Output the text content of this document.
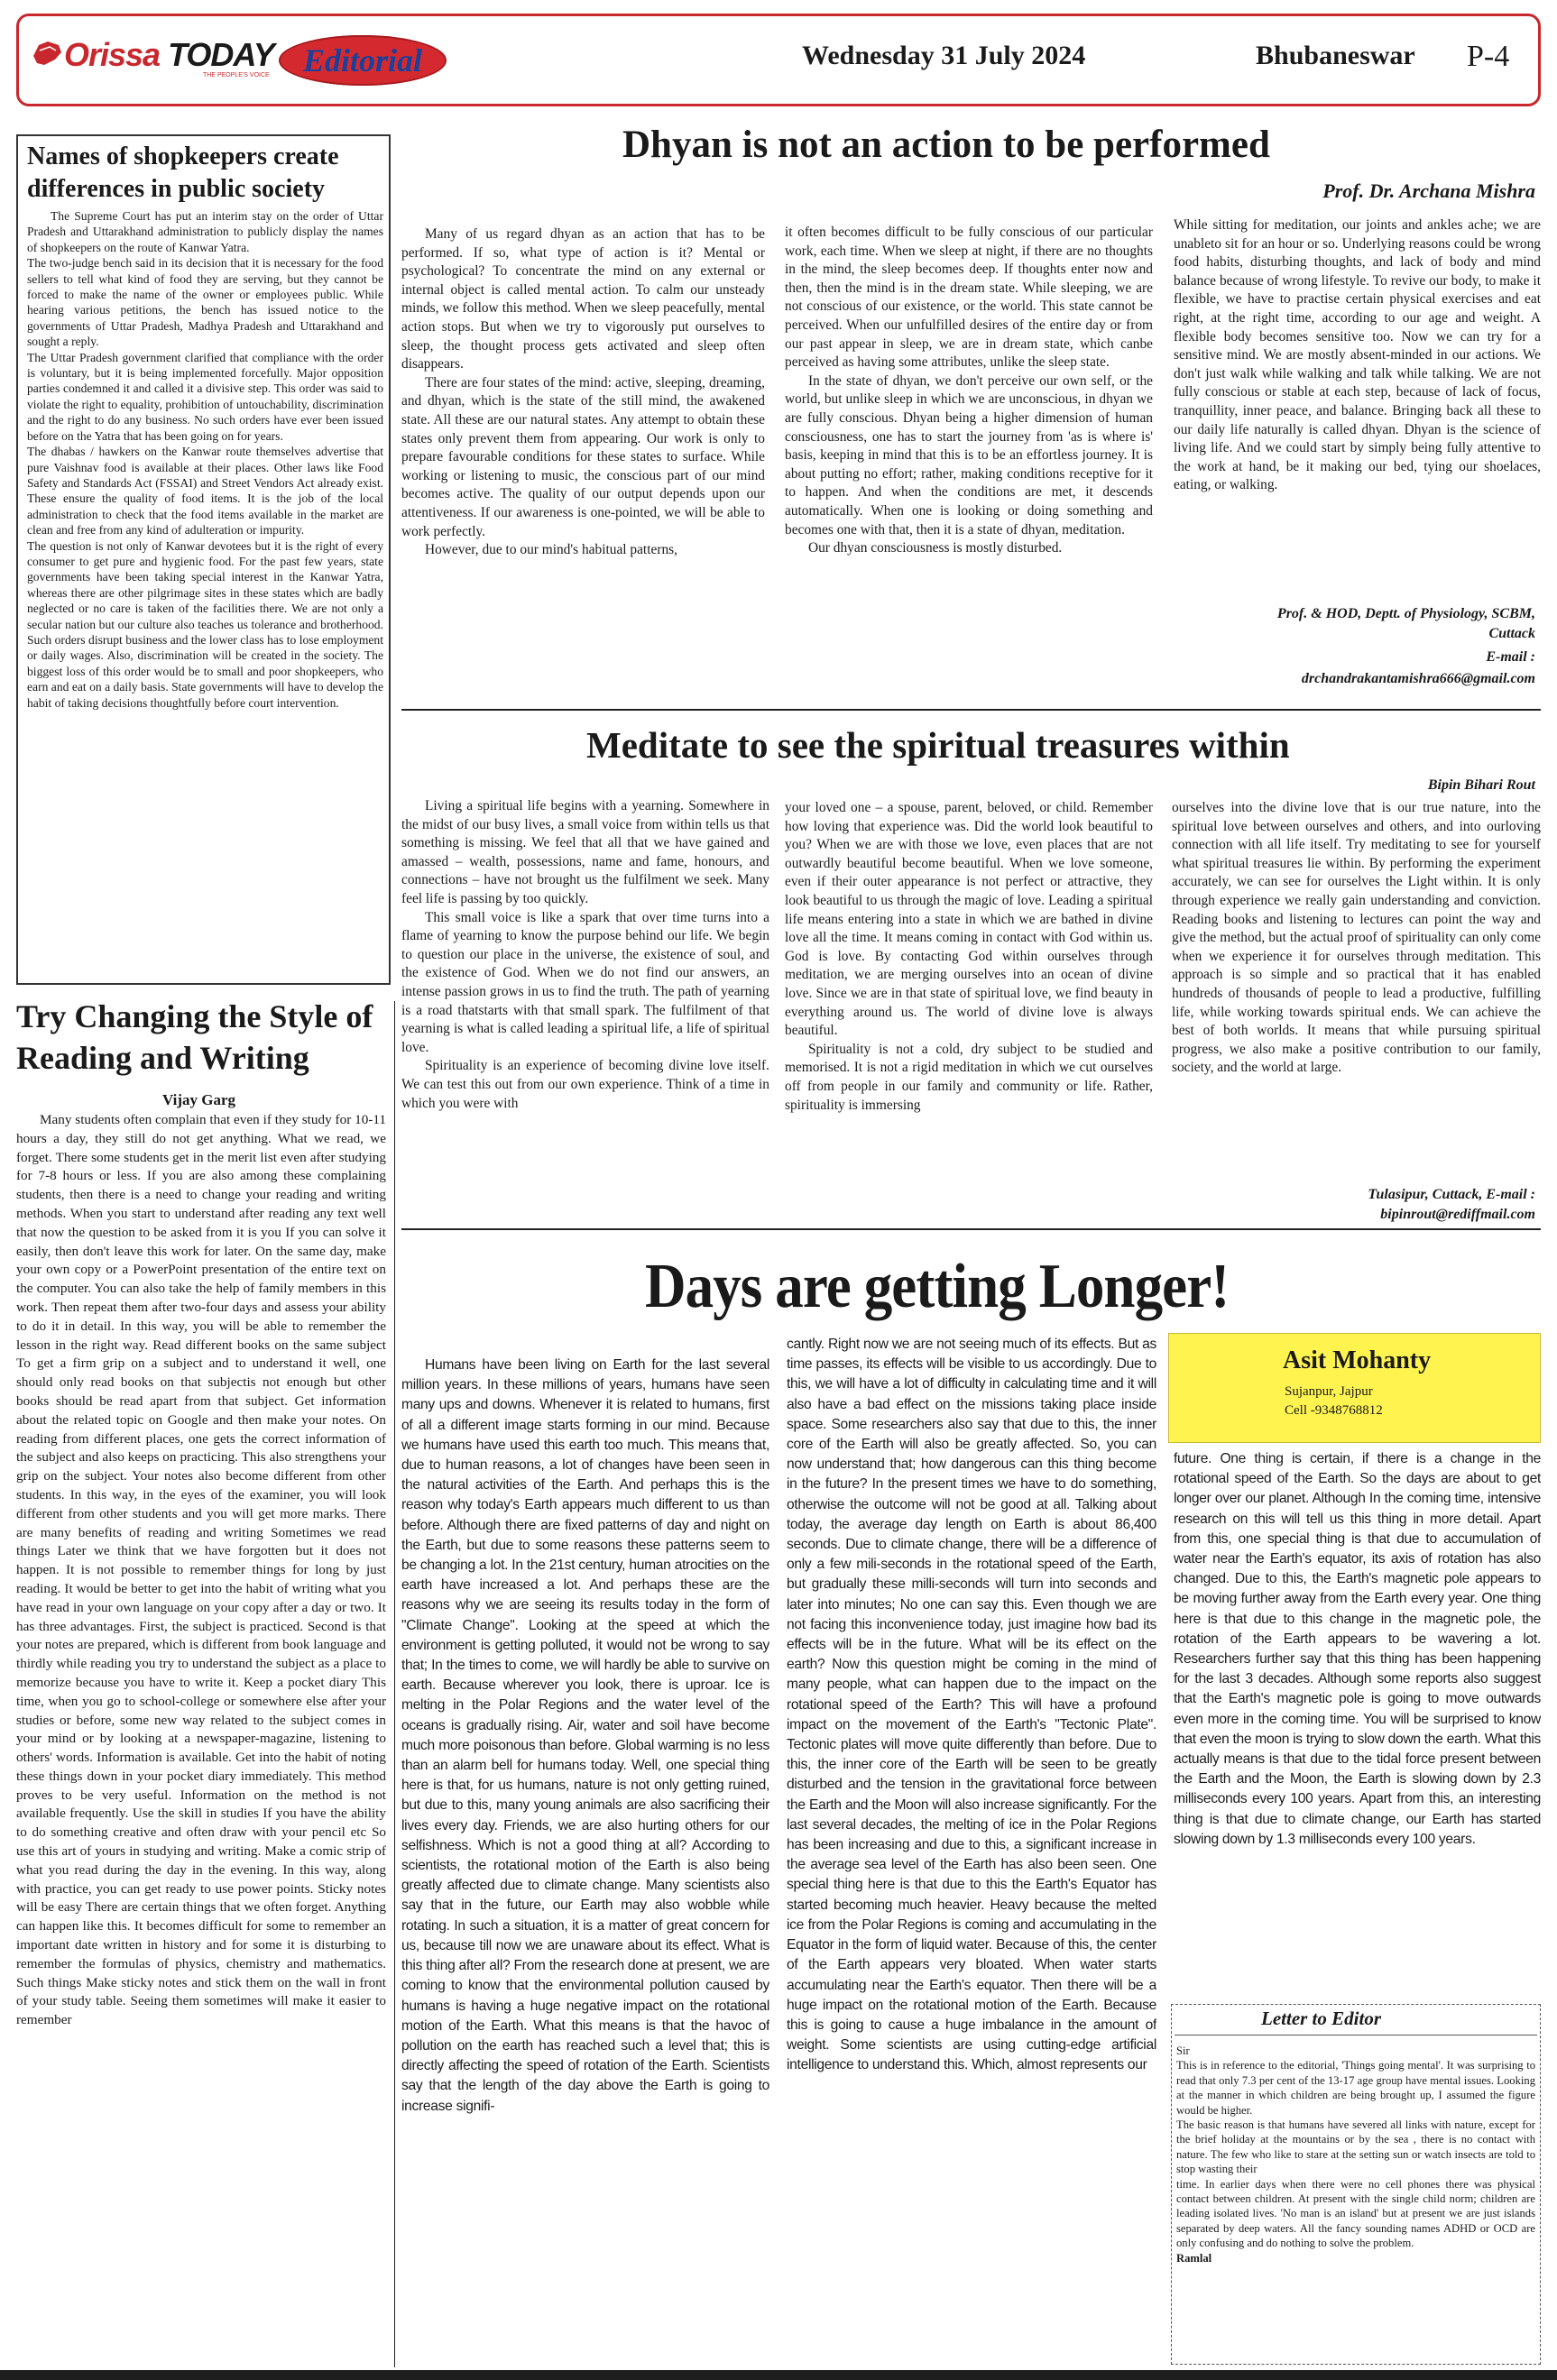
Orissa TODAY
THE PEOPLE'S VOICE	Editorial	Wednesday 31 July 2024	Bhubaneswar P-4
Names of shopkeepers create differences in public society

The Supreme Court has put an interim stay on the order of Uttar Pradesh and Uttarakhand administration to publicly display the names of shopkeepers on the route of Kanwar Yatra.

The two-judge bench said in its decision that it is necessary for the food sellers to tell what kind of food they are serving, but they cannot be forced to make the name of the owner or employees public. While hearing various petitions, the bench has issued notice to the governments of Uttar Pradesh, Madhya Pradesh and Uttarakhand and sought a reply.

The Uttar Pradesh government clarified that compliance with the order is voluntary, but it is being implemented forcefully. Major opposition parties condemned it and called it a divisive step. This order was said to violate the right to equality, prohibition of untouchability, discrimination and the right to do any business. No such orders have ever been issued before on the Yatra that has been going on for years.

The dhabas / hawkers on the Kanwar route themselves advertise that pure Vaishnav food is available at their places. Other laws like Food Safety and Standards Act (FSSAI) and Street Vendors Act already exist. These ensure the quality of food items. It is the job of the local administration to check that the food items available in the market are clean and free from any kind of adulteration or impurity.

The question is not only of Kanwar devotees but it is the right of every consumer to get pure and hygienic food. For the past few years, state governments have been taking special interest in the Kanwar Yatra, whereas there are other pilgrimage sites in these states which are badly neglected or no care is taken of the facilities there. We are not only a secular nation but our culture also teaches us tolerance and brotherhood. Such orders disrupt business and the lower class has to lose employment or daily wages. Also, discrimination will be created in the society. The biggest loss of this order would be to small and poor shopkeepers, who earn and eat on a daily basis. State governments will have to develop the habit of taking decisions thoughtfully before court intervention.

Dhyan is not an action to be performed
Prof. Dr. Archana Mishra

Many of us regard dhyan as an action that has to be performed. If so, what type of action is it? Mental or psychological? To concentrate the mind on any external or internal object is called mental action. To calm our unsteady minds, we follow this method. When we sleep peacefully, mental action stops. But when we try to vigorously put ourselves to sleep, the thought process gets activated and sleep often disappears.

There are four states of the mind: active, sleeping, dreaming, and dhyan, which is the state of the still mind, the awakened state. All these are our natural states. Any attempt to obtain these states only prevent them from appearing. Our work is only to prepare favourable conditions for these states to surface. While working or listening to music, the conscious part of our mind becomes active. The quality of our output depends upon our attentiveness. If our awareness is one-pointed, we will be able to work perfectly.

However, due to our mind's habitual patterns,

it often becomes difficult to be fully conscious of our particular work, each time. When we sleep at night, if there are no thoughts in the mind, the sleep becomes deep. If thoughts enter now and then, then the mind is in the dream state. While sleeping, we are not conscious of our existence, or the world. This state cannot be perceived. When our unfulfilled desires of the entire day or from our past appear in sleep, we are in dream state, which canbe perceived as having some attributes, unlike the sleep state.

In the state of dhyan, we don't perceive our own self, or the world, but unlike sleep in which we are unconscious, in dhyan we are fully conscious. Dhyan being a higher dimension of human consciousness, one has to start the journey from 'as is where is' basis, keeping in mind that this is to be an effortless journey. It is about putting no effort; rather, making conditions receptive for it to happen. And when the conditions are met, it descends automatically. When one is looking or doing something and becomes one with that, then it is a state of dhyan, meditation.

Our dhyan consciousness is mostly disturbed.

While sitting for meditation, our joints and ankles ache; we are unableto sit for an hour or so. Underlying reasons could be wrong food habits, disturbing thoughts, and lack of body and mind balance because of wrong lifestyle. To revive our body, to make it flexible, we have to practise certain physical exercises and eat right, at the right time, according to our age and weight. A flexible body becomes sensitive too. Now we can try for a sensitive mind. We are mostly absent-minded in our actions. We don't just walk while walking and talk while talking. We are not fully conscious or stable at each step, because of lack of focus, tranquillity, inner peace, and balance. Bringing back all these to our daily life naturally is called dhyan. Dhyan is the science of living life. And we could start by simply being fully attentive to the work at hand, be it making our bed, tying our shoelaces, eating, or walking.

Prof. & HOD, Deptt. of Physiology, SCBM,
Cuttack
E-mail :
drchandrakantamishra666@gmail.com
Meditate to see the spiritual treasures within
Bipin Bihari Rout

Living a spiritual life begins with a yearning. Somewhere in the midst of our busy lives, a small voice from within tells us that something is missing. We feel that all that we have gained and amassed – wealth, possessions, name and fame, honours, and connections – have not brought us the fulfilment we seek. Many feel life is passing by too quickly.

This small voice is like a spark that over time turns into a flame of yearning to know the purpose behind our life. We begin to question our place in the universe, the existence of soul, and the existence of God. When we do not find our answers, an intense passion grows in us to find the truth. The path of yearning is a road thatstarts with that small spark. The fulfilment of that yearning is what is called leading a spiritual life, a life of spiritual love.

Spirituality is an experience of becoming divine love itself. We can test this out from our own experience. Think of a time in which you were with

your loved one – a spouse, parent, beloved, or child. Remember how loving that experience was. Did the world look beautiful to you? When we are with those we love, even places that are not outwardly beautiful become beautiful. When we love someone, even if their outer appearance is not perfect or attractive, they look beautiful to us through the magic of love. Leading a spiritual life means entering into a state in which we are bathed in divine love all the time. It means coming in contact with God within us. God is love. By contacting God within ourselves through meditation, we are merging ourselves into an ocean of divine love. Since we are in that state of spiritual love, we find beauty in everything around us. The world of divine love is always beautiful.

Spirituality is not a cold, dry subject to be studied and memorised. It is not a rigid meditation in which we cut ourselves off from people in our family and community or life. Rather, spirituality is immersing

ourselves into the divine love that is our true nature, into the spiritual love between ourselves and others, and into ourloving connection with all life itself. Try meditating to see for yourself what spiritual treasures lie within. By performing the experiment accurately, we can see for ourselves the Light within. It is only through experience we really gain understanding and conviction. Reading books and listening to lectures can point the way and give the method, but the actual proof of spirituality can only come when we experience it for ourselves through meditation. This approach is so simple and so practical that it has enabled hundreds of thousands of people to lead a productive, fulfilling life, while working towards spiritual ends. We can achieve the best of both worlds. It means that while pursuing spiritual progress, we also make a positive contribution to our family, society, and the world at large.

Tulasipur, Cuttack, E-mail :
bipinrout@rediffmail.com
Try Changing the Style of Reading and Writing
Vijay Garg

Many students often complain that even if they study for 10-11 hours a day, they still do not get anything. What we read, we forget. There some students get in the merit list even after studying for 7-8 hours or less. If you are also among these complaining students, then there is a need to change your reading and writing methods. When you start to understand after reading any text well that now the question to be asked from it is you If you can solve it easily, then don't leave this work for later. On the same day, make your own copy or a PowerPoint presentation of the entire text on the computer. You can also take the help of family members in this work. Then repeat them after two-four days and assess your ability to do it in detail. In this way, you will be able to remember the lesson in the right way. Read different books on the same subject To get a firm grip on a subject and to understand it well, one should only read books on that subjectis not enough but other books should be read apart from that subject. Get information about the related topic on Google and then make your notes. On reading from different places, one gets the correct information of the subject and also keeps on practicing. This also strengthens your grip on the subject. Your notes also become different from other students. In this way, in the eyes of the examiner, you will look different from other students and you will get more marks. There are many benefits of reading and writing Sometimes we read things Later we think that we have forgotten but it does not happen. It is not possible to remember things for long by just reading. It would be better to get into the habit of writing what you have read in your own language on your copy after a day or two. It has three advantages. First, the subject is practiced. Second is that your notes are prepared, which is different from book language and thirdly while reading you try to understand the subject as a place to memorize because you have to write it. Keep a pocket diary This time, when you go to school-college or somewhere else after your studies or before, some new way related to the subject comes in your mind or by looking at a newspaper-magazine, listening to others' words. Information is available. Get into the habit of noting these things down in your pocket diary immediately. This method proves to be very useful. Information on the method is not available frequently. Use the skill in studies If you have the ability to do something creative and often draw with your pencil etc So use this art of yours in studying and writing. Make a comic strip of what you read during the day in the evening. In this way, along with practice, you can get ready to use power points. Sticky notes will be easy There are certain things that we often forget. Anything can happen like this. It becomes difficult for some to remember an important date written in history and for some it is disturbing to remember the formulas of physics, chemistry and mathematics. Such things Make sticky notes and stick them on the wall in front of your study table. Seeing them sometimes will make it easier to remember

Days are getting Longer!

Humans have been living on Earth for the last several million years. In these millions of years, humans have seen many ups and downs. Whenever it is related to humans, first of all a different image starts forming in our mind. Because we humans have used this earth too much. This means that, due to human reasons, a lot of changes have been seen in the natural activities of the Earth. And perhaps this is the reason why today's Earth appears much different to us than before. Although there are fixed patterns of day and night on the Earth, but due to some reasons these patterns seem to be changing a lot. In the 21st century, human atrocities on the earth have increased a lot. And perhaps these are the reasons why we are seeing its results today in the form of "Climate Change". Looking at the speed at which the environment is getting polluted, it would not be wrong to say that; In the times to come, we will hardly be able to survive on earth. Because wherever you look, there is uproar. Ice is melting in the Polar Regions and the water level of the oceans is gradually rising. Air, water and soil have become much more poisonous than before. Global warming is no less than an alarm bell for humans today. Well, one special thing here is that, for us humans, nature is not only getting ruined, but due to this, many young animals are also sacrificing their lives every day. Friends, we are also hurting others for our selfishness. Which is not a good thing at all? According to scientists, the rotational motion of the Earth is also being greatly affected due to climate change. Many scientists also say that in the future, our Earth may also wobble while rotating. In such a situation, it is a matter of great concern for us, because till now we are unaware about its effect. What is this thing after all? From the research done at present, we are coming to know that the environmental pollution caused by humans is having a huge negative impact on the rotational motion of the Earth. What this means is that the havoc of pollution on the earth has reached such a level that; this is directly affecting the speed of rotation of the Earth. Scientists say that the length of the day above the Earth is going to increase signifi-

cantly. Right now we are not seeing much of its effects. But as time passes, its effects will be visible to us accordingly. Due to this, we will have a lot of difficulty in calculating time and it will also have a bad effect on the missions taking place inside space. Some researchers also say that due to this, the inner core of the Earth will also be greatly affected. So, you can now understand that; how dangerous can this thing become in the future? In the present times we have to do something, otherwise the outcome will not be good at all. Talking about today, the average day length on Earth is about 86,400 seconds. Due to climate change, there will be a difference of only a few mili-seconds in the rotational speed of the Earth, but gradually these milli-seconds will turn into seconds and later into minutes; No one can say this. Even though we are not facing this inconvenience today, just imagine how bad its effects will be in the future. What will be its effect on the earth? Now this question might be coming in the mind of many people, what can happen due to the impact on the rotational speed of the Earth? This will have a profound impact on the movement of the Earth's "Tectonic Plate". Tectonic plates will move quite differently than before. Due to this, the inner core of the Earth will be seen to be greatly disturbed and the tension in the gravitational force between the Earth and the Moon will also increase significantly. For the last several decades, the melting of ice in the Polar Regions has been increasing and due to this, a significant increase in the average sea level of the Earth has also been seen. One special thing here is that due to this the Earth's Equator has started becoming much heavier. Heavy because the melted ice from the Polar Regions is coming and accumulating in the Equator in the form of liquid water. Because of this, the center of the Earth appears very bloated. When water starts accumulating near the Earth's equator. Then there will be a huge impact on the rotational motion of the Earth. Because this is going to cause a huge imbalance in the amount of weight. Some scientists are using cutting-edge artificial intelligence to understand this. Which, almost represents our

Asit Mohanty
Sujanpur, Jajpur
Cell -9348768812

future. One thing is certain, if there is a change in the rotational speed of the Earth. So the days are about to get longer over our planet. Although In the coming time, intensive research on this will tell us this thing in more detail. Apart from this, one special thing is that due to accumulation of water near the Earth's equator, its axis of rotation has also changed. Due to this, the Earth's magnetic pole appears to be moving further away from the Earth every year. One thing here is that due to this change in the magnetic pole, the rotation of the Earth appears to be wavering a lot. Researchers further say that this thing has been happening for the last 3 decades. Although some reports also suggest that the Earth's magnetic pole is going to move outwards even more in the coming time. You will be surprised to know that even the moon is trying to slow down the earth. What this actually means is that due to the tidal force present between the Earth and the Moon, the Earth is slowing down by 2.3 milliseconds every 100 years. Apart from this, an interesting thing is that due to climate change, our Earth has started slowing down by 1.3 milliseconds every 100 years.

Letter to Editor

Sir

This is in reference to the editorial, 'Things going mental'. It was surprising to read that only 7.3 per cent of the 13-17 age group have mental issues. Looking at the manner in which children are being brought up, I assumed the figure would be higher.

The basic reason is that humans have severed all links with nature, except for the brief holiday at the mountains or by the sea , there is no contact with nature. The few who like to stare at the setting sun or watch insects are told to stop wasting their

time. In earlier days when there were no cell phones there was physical contact between children. At present with the single child norm; children are leading isolated lives. 'No man is an island' but at present we are just islands separated by deep waters. All the fancy sounding names ADHD or OCD are only confusing and do nothing to solve the problem.

Ramlal
